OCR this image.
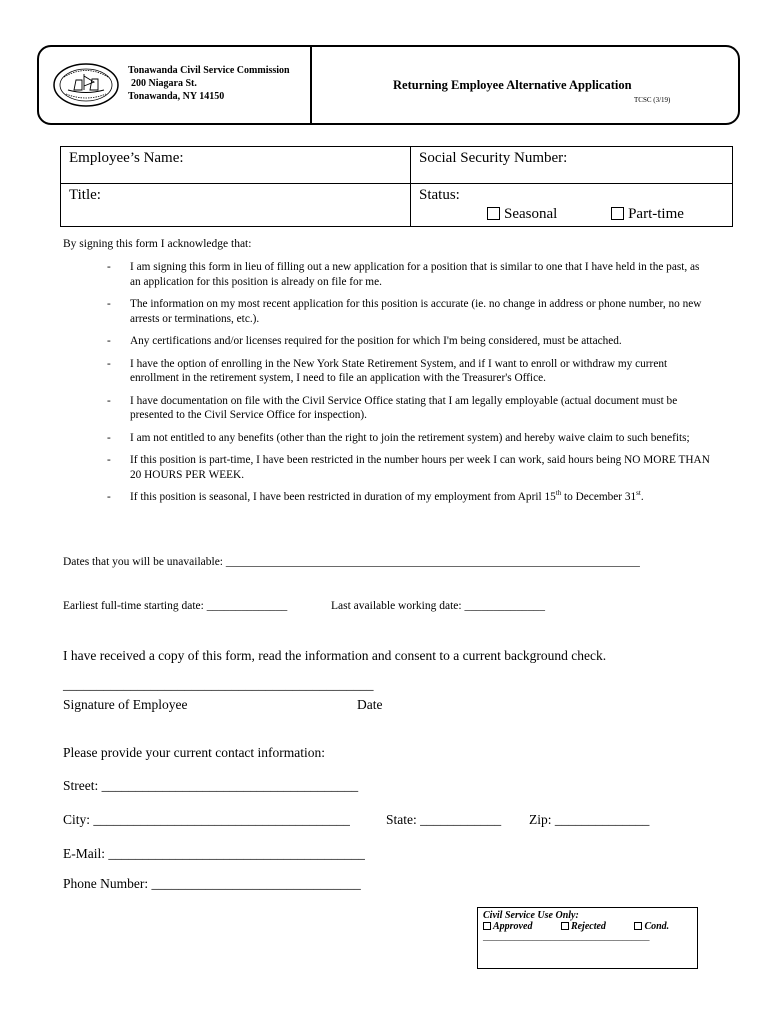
Tonawanda Civil Service Commission
200 Niagara St.
Tonawanda, NY 14150
Returning Employee Alternative Application
TCSC (3/19)
Employee’s Name:	Social Security Number:
Title:	Status:
Seasonal Part-time
By signing this form I acknowledge that:
- I am signing this form in lieu of filling out a new application for a position that is similar to one that I have held in the past, as an application for this position is already on file for me.
- The information on my most recent application for this position is accurate (ie. no change in address or phone number, no new arrests or terminations, etc.).
- Any certifications and/or licenses required for the position for which I'm being considered, must be attached.
- I have the option of enrolling in the New York State Retirement System, and if I want to enroll or withdraw my current enrollment in the retirement system, I need to file an application with the Treasurer's Office.
- I have documentation on file with the Civil Service Office stating that I am legally employable (actual document must be presented to the Civil Service Office for inspection).
- I am not entitled to any benefits (other than the right to join the retirement system) and hereby waive claim to such benefits;
- If this position is part-time, I have been restricted in the number hours per week I can work, said hours being NO MORE THAN 20 HOURS PER WEEK.
- If this position is seasonal, I have been restricted in duration of my employment from April 15th to December 31st.
Dates that you will be unavailable: ________________________________________________________________________
Earliest full-time starting date: ______________	Last available working date: ______________
I have received a copy of this form, read the information and consent to a current background check.
______________________________________________
Signature of Employee	Date
Please provide your current contact information:
Street: ______________________________________
City: ______________________________________	State: ____________ Zip: ______________
E-Mail: ______________________________________
Phone Number: _______________________________
Civil Service Use Only:
Approved	Rejected	Cond.
_____________________________________
